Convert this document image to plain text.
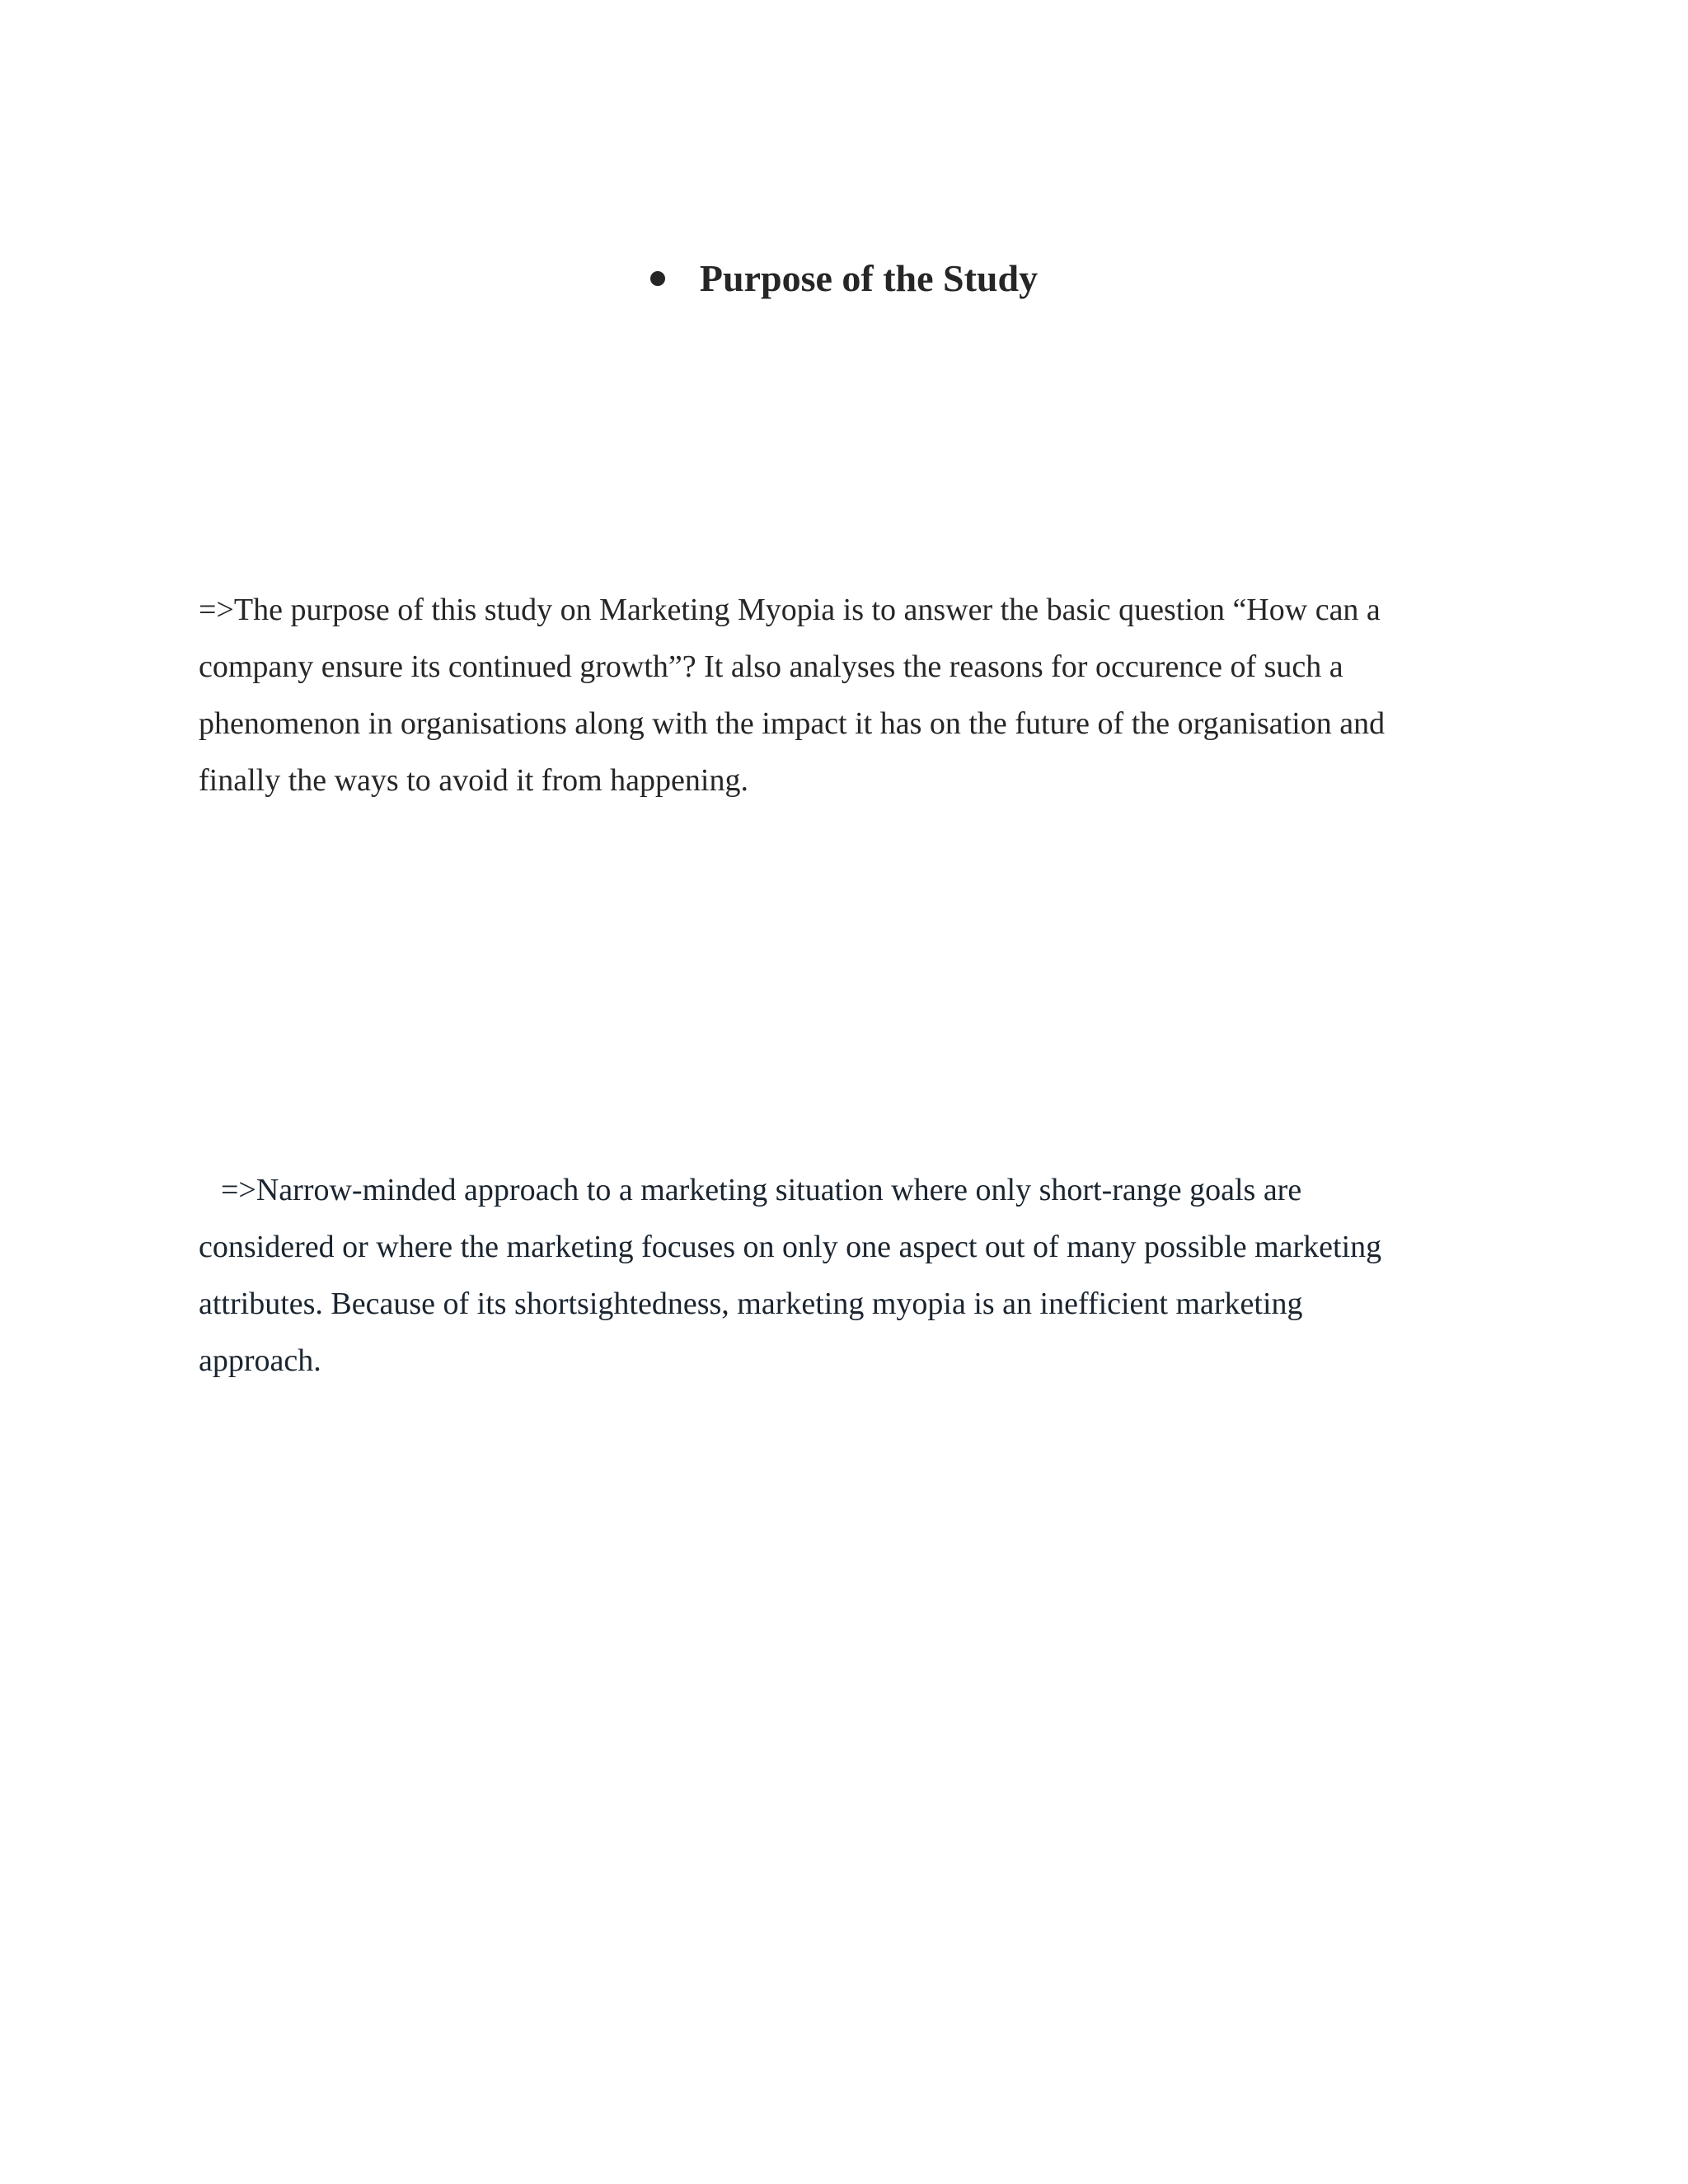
Purpose of the Study
=>The purpose of this study on Marketing Myopia is to answer the basic question “How can a
company ensure its continued growth”? It also analyses the reasons for occurence of such a
phenomenon in organisations along with the impact it has on the future of the organisation and
finally the ways to avoid it from happening.
=>Narrow-minded approach to a marketing situation where only short-range goals are
considered or where the marketing focuses on only one aspect out of many possible marketing
attributes. Because of its shortsightedness, marketing myopia is an inefficient marketing
approach.
